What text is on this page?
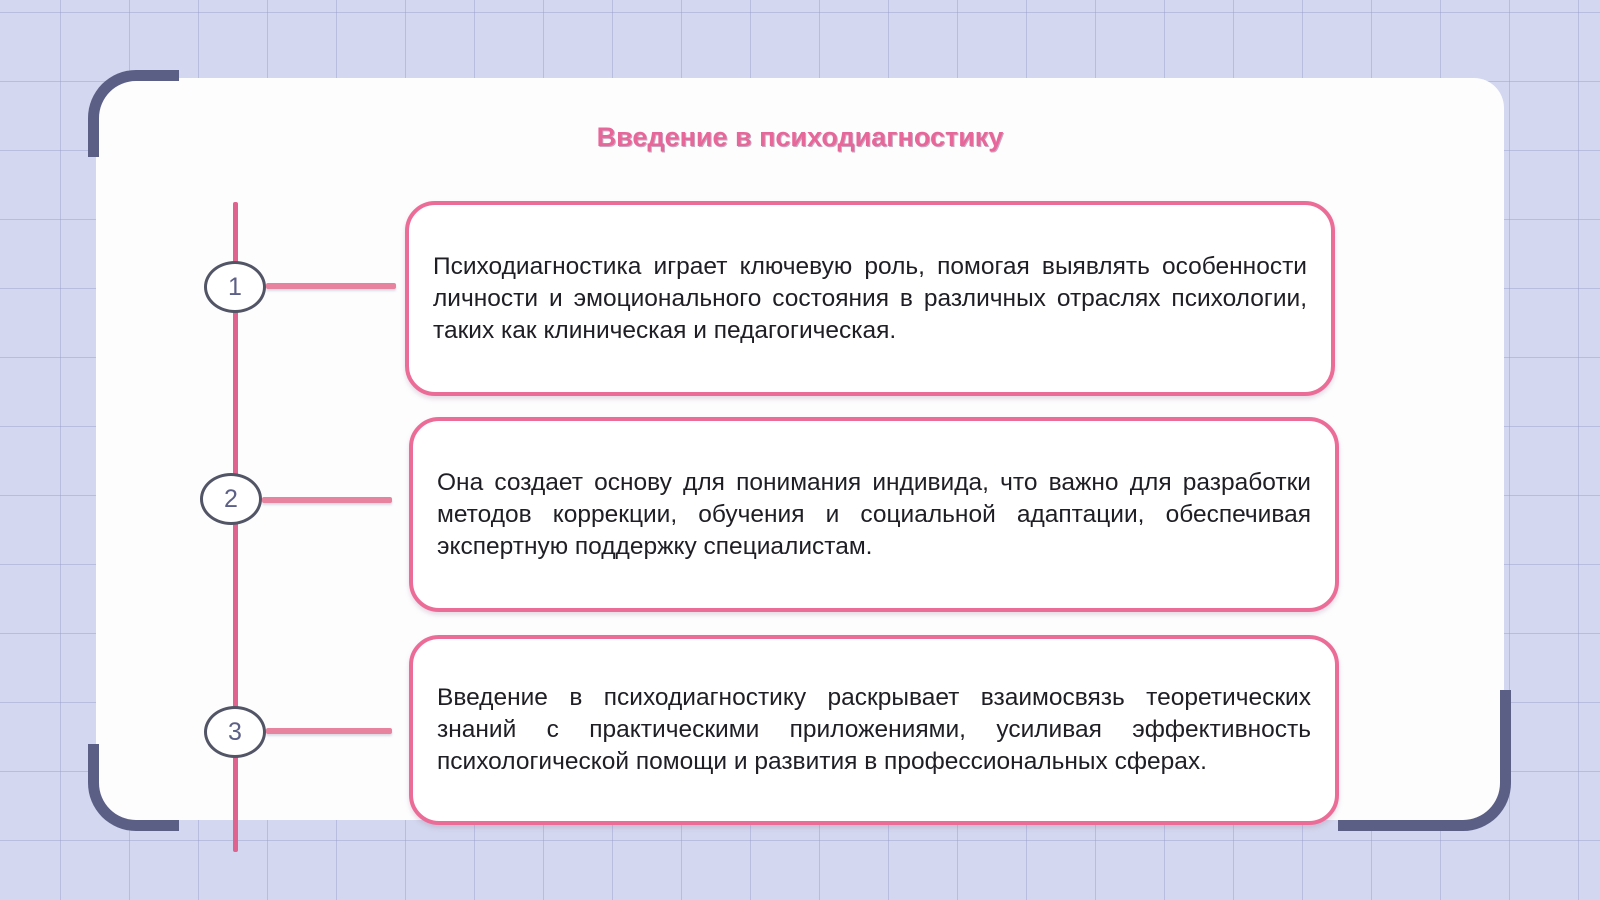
Введение в психодиагностику
1

Психодиагностика играет ключевую роль, помогая выявлять особенности личности и эмоционального состояния в различных отраслях психологии, таких как клиническая и педагогическая.

2

Она создает основу для понимания индивида, что важно для разработки методов коррекции, обучения и социальной адаптации, обеспечивая экспертную поддержку специалистам.

3

Введение в психодиагностику раскрывает взаимосвязь теоретических знаний с практическими приложениями, усиливая эффективность психологической помощи и развития в профессиональных сферах.
